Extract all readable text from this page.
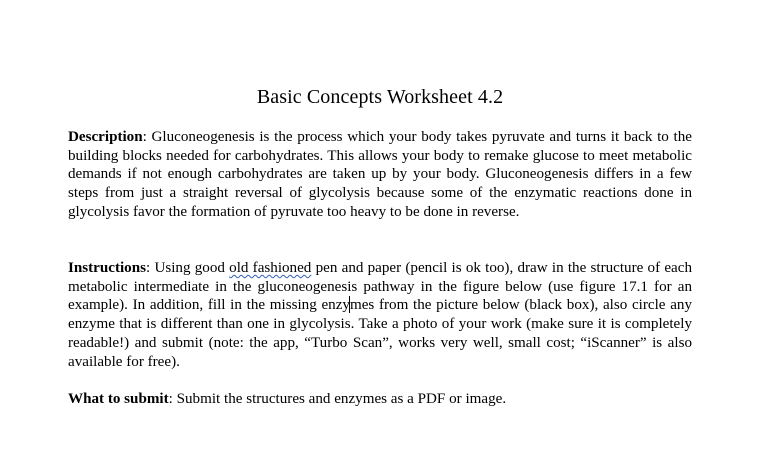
Basic Concepts Worksheet 4.2

Description: Gluconeogenesis is the process which your body takes pyruvate and turns it back to the building blocks needed for carbohydrates. This allows your body to remake glucose to meet metabolic demands if not enough carbohydrates are taken up by your body. Gluconeogenesis differs in a few steps from just a straight reversal of glycolysis because some of the enzymatic reactions done in glycolysis favor the formation of pyruvate too heavy to be done in reverse.

Instructions: Using good old fashioned pen and paper (pencil is ok too), draw in the structure of each metabolic intermediate in the gluconeogenesis pathway in the figure below (use figure 17.1 for an example). In addition, fill in the missing enzymes from the picture below (black box), also circle any enzyme that is different than one in glycolysis. Take a photo of your work (make sure it is completely readable!) and submit (note: the app, “Turbo Scan”, works very well, small cost; “iScanner” is also available for free).

What to submit: Submit the structures and enzymes as a PDF or image.
